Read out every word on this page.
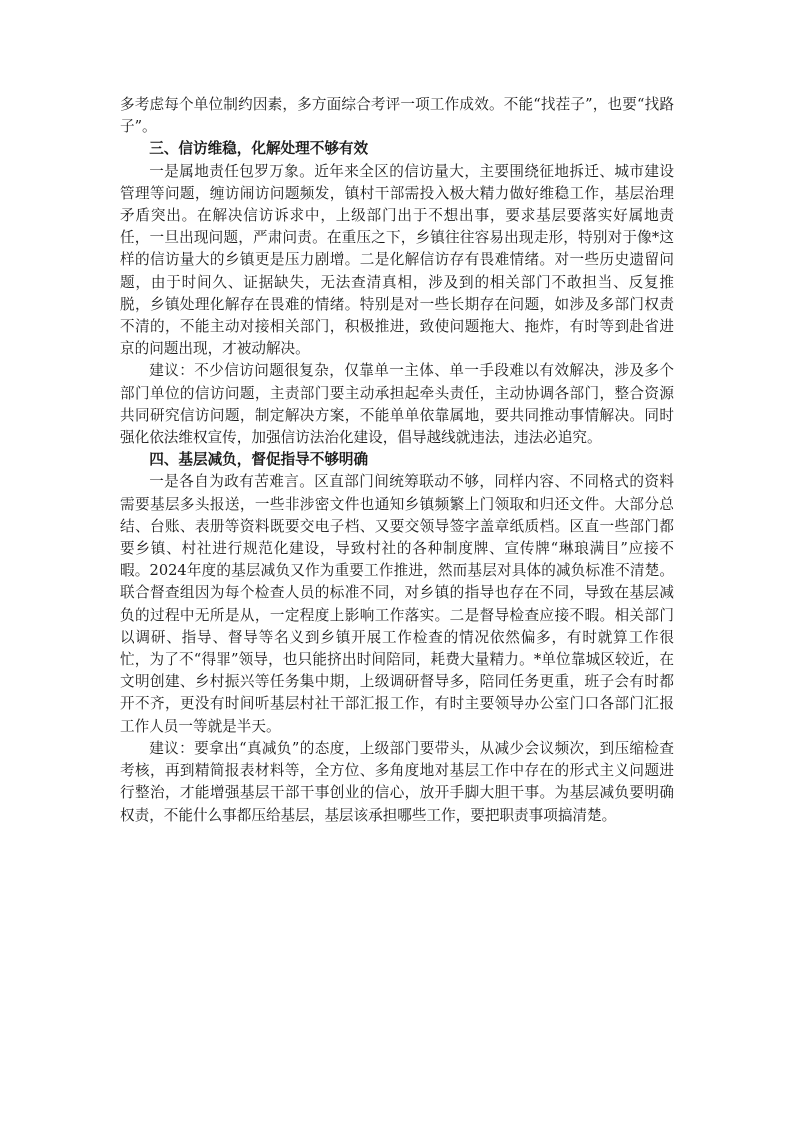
多考虑每个单位制约因素，多方面综合考评一项工作成效。不能“找茬子”，也要“找路子”。

三、信访维稳，化解处理不够有效

一是属地责任包罗万象。近年来全区的信访量大，主要围绕征地拆迁、城市建设管理等问题，缠访闹访问题频发，镇村干部需投入极大精力做好维稳工作，基层治理矛盾突出。在解决信访诉求中，上级部门出于不想出事，要求基层要落实好属地责任，一旦出现问题，严肃问责。在重压之下，乡镇往往容易出现走形，特别对于像*这样的信访量大的乡镇更是压力剧增。二是化解信访存有畏难情绪。对一些历史遗留问题，由于时间久、证据缺失，无法查清真相，涉及到的相关部门不敢担当、反复推脱，乡镇处理化解存在畏难的情绪。特别是对一些长期存在问题，如涉及多部门权责不清的，不能主动对接相关部门，积极推进，致使问题拖大、拖炸，有时等到赴省进京的问题出现，才被动解决。

建议：不少信访问题很复杂，仅靠单一主体、单一手段难以有效解决，涉及多个部门单位的信访问题，主责部门要主动承担起牵头责任，主动协调各部门，整合资源共同研究信访问题，制定解决方案，不能单单依靠属地，要共同推动事情解决。同时强化依法维权宣传，加强信访法治化建设，倡导越线就违法，违法必追究。

四、基层减负，督促指导不够明确

一是各自为政有苦难言。区直部门间统筹联动不够，同样内容、不同格式的资料需要基层多头报送，一些非涉密文件也通知乡镇频繁上门领取和归还文件。大部分总结、台账、表册等资料既要交电子档、又要交领导签字盖章纸质档。区直一些部门都要乡镇、村社进行规范化建设，导致村社的各种制度牌、宣传牌“琳琅满目”应接不暇。2024年度的基层减负又作为重要工作推进，然而基层对具体的减负标准不清楚。联合督查组因为每个检查人员的标准不同，对乡镇的指导也存在不同，导致在基层减负的过程中无所是从，一定程度上影响工作落实。二是督导检查应接不暇。相关部门以调研、指导、督导等名义到乡镇开展工作检查的情况依然偏多，有时就算工作很忙，为了不“得罪”领导，也只能挤出时间陪同，耗费大量精力。*单位靠城区较近，在文明创建、乡村振兴等任务集中期，上级调研督导多，陪同任务更重，班子会有时都开不齐，更没有时间听基层村社干部汇报工作，有时主要领导办公室门口各部门汇报工作人员一等就是半天。

建议：要拿出“真减负”的态度，上级部门要带头，从减少会议频次，到压缩检查考核，再到精简报表材料等，全方位、多角度地对基层工作中存在的形式主义问题进行整治，才能增强基层干部干事创业的信心，放开手脚大胆干事。为基层减负要明确权责，不能什么事都压给基层，基层该承担哪些工作，要把职责事项搞清楚。
